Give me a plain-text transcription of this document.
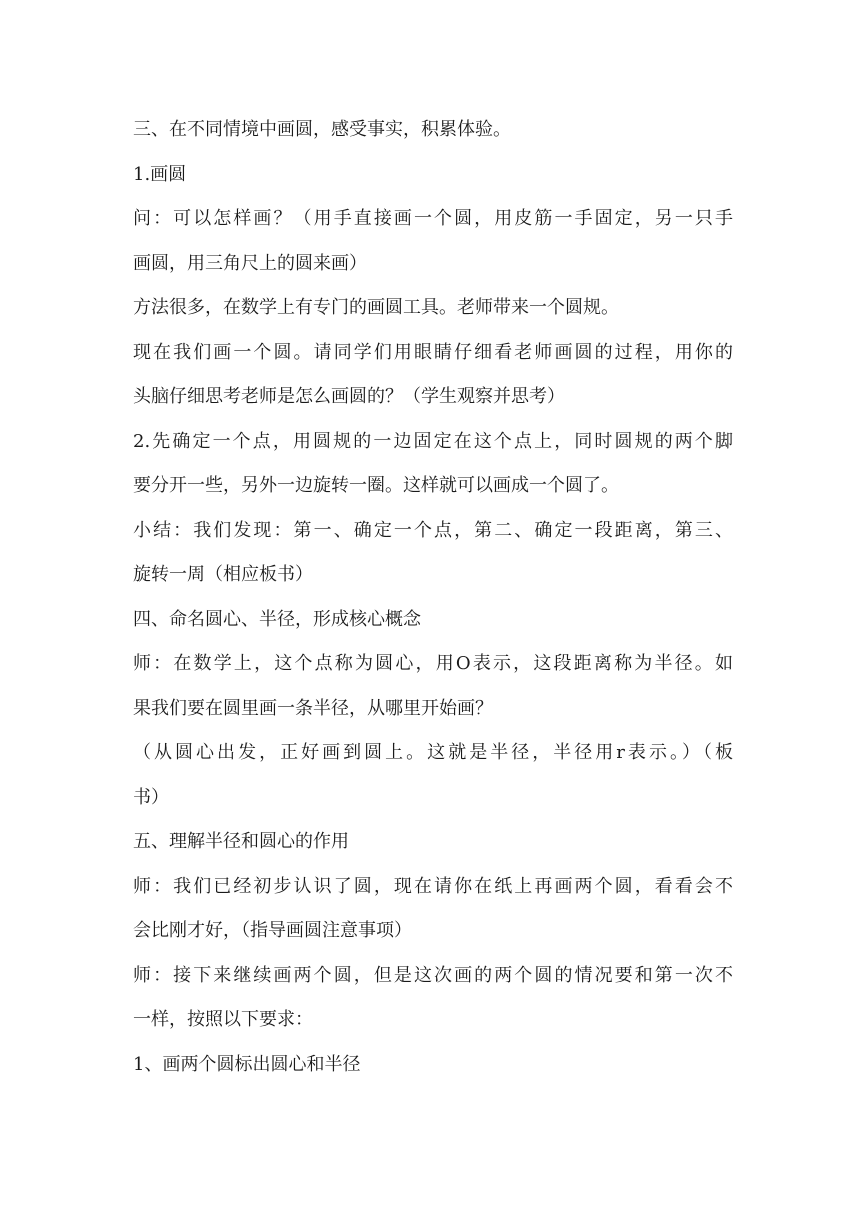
三、在不同情境中画圆，感受事实，积累体验。
1.画圆
问：可以怎样画？（用手直接画一个圆，用皮筋一手固定，另一只手
画圆，用三角尺上的圆来画）
方法很多，在数学上有专门的画圆工具。老师带来一个圆规。
现在我们画一个圆。请同学们用眼睛仔细看老师画圆的过程，用你的
头脑仔细思考老师是怎么画圆的？（学生观察并思考）
2.先确定一个点，用圆规的一边固定在这个点上，同时圆规的两个脚
要分开一些，另外一边旋转一圈。这样就可以画成一个圆了。
小结：我们发现：第一、确定一个点，第二、确定一段距离，第三、
旋转一周（相应板书）
四、命名圆心、半径，形成核心概念
师：在数学上，这个点称为圆心，用O表示，这段距离称为半径。如
果我们要在圆里画一条半径，从哪里开始画？
（从圆心出发，正好画到圆上。这就是半径，半径用r表示。）（板
书）
五、理解半径和圆心的作用
师：我们已经初步认识了圆，现在请你在纸上再画两个圆，看看会不
会比刚才好，（指导画圆注意事项）
师：接下来继续画两个圆，但是这次画的两个圆的情况要和第一次不
一样，按照以下要求：
1、画两个圆标出圆心和半径
